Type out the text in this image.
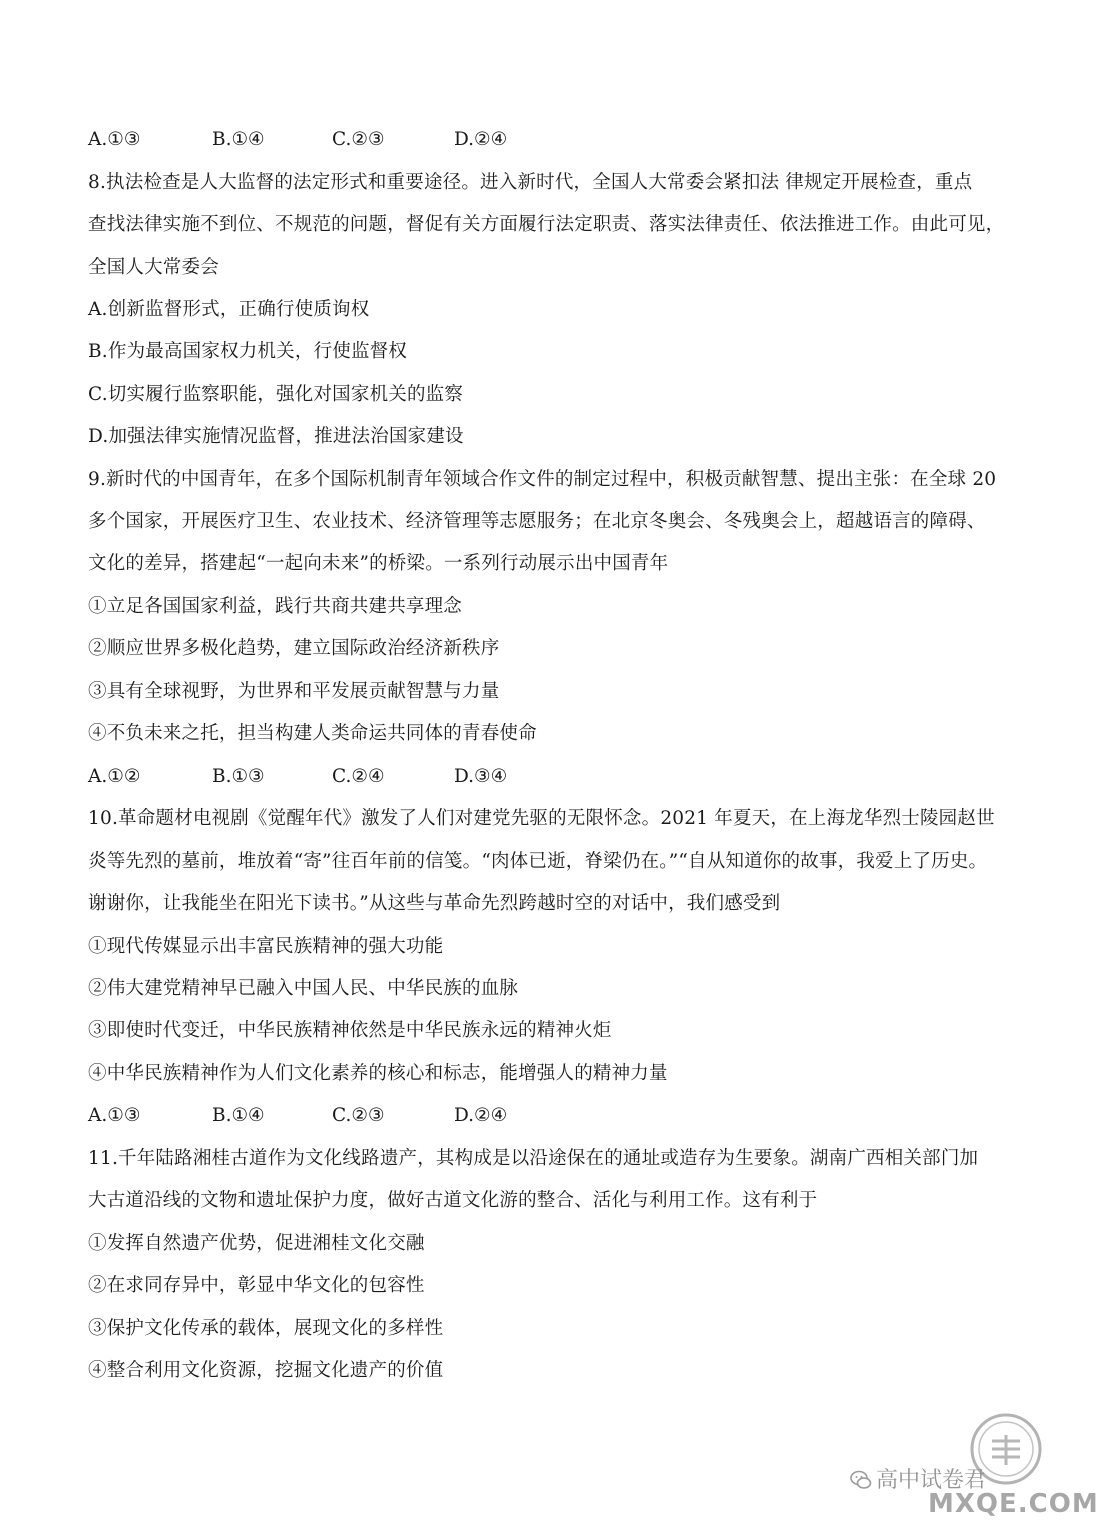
A.①③	B.①④	C.②③	D.②④
8.执法检查是人大监督的法定形式和重要途径。进入新时代，全国人大常委会紧扣法 律规定开展检查，重点
查找法律实施不到位、不规范的问题，督促有关方面履行法定职责、落实法律责任、依法推进工作。由此可见，
全国人大常委会
A.创新监督形式，正确行使质询权
B.作为最高国家权力机关，行使监督权
C.切实履行监察职能，强化对国家机关的监察
D.加强法律实施情况监督，推进法治国家建设
9.新时代的中国青年，在多个国际机制青年领域合作文件的制定过程中，积极贡献智慧、提出主张：在全球 20
多个国家，开展医疗卫生、农业技术、经济管理等志愿服务；在北京冬奥会、冬残奥会上，超越语言的障碍、
文化的差异，搭建起“一起向未来”的桥梁。一系列行动展示出中国青年
①立足各国国家利益，践行共商共建共享理念
②顺应世界多极化趋势，建立国际政治经济新秩序
③具有全球视野，为世界和平发展贡献智慧与力量
④不负未来之托，担当构建人类命运共同体的青春使命
A.①②	B.①③	C.②④	D.③④
10.革命题材电视剧《觉醒年代》激发了人们对建党先驱的无限怀念。2021 年夏天，在上海龙华烈士陵园赵世
炎等先烈的墓前，堆放着“寄”往百年前的信笺。“肉体已逝，脊梁仍在。”“自从知道你的故事，我爱上了历史。
谢谢你，让我能坐在阳光下读书。”从这些与革命先烈跨越时空的对话中，我们感受到
①现代传媒显示出丰富民族精神的强大功能
②伟大建党精神早已融入中国人民、中华民族的血脉
③即使时代变迁，中华民族精神依然是中华民族永远的精神火炬
④中华民族精神作为人们文化素养的核心和标志，能增强人的精神力量
A.①③	B.①④	C.②③	D.②④
11.千年陆路湘桂古道作为文化线路遗产，其构成是以沿途保在的通址或造存为生要象。湖南广西相关部门加
大古道沿线的文物和遗址保护力度，做好古道文化游的整合、活化与利用工作。这有利于
①发挥自然遗产优势，促进湘桂文化交融
②在求同存异中，彰显中华文化的包容性
③保护文化传承的载体，展现文化的多样性
④整合利用文化资源，挖掘文化遗产的价值
高中试卷君
MXQE.COM
